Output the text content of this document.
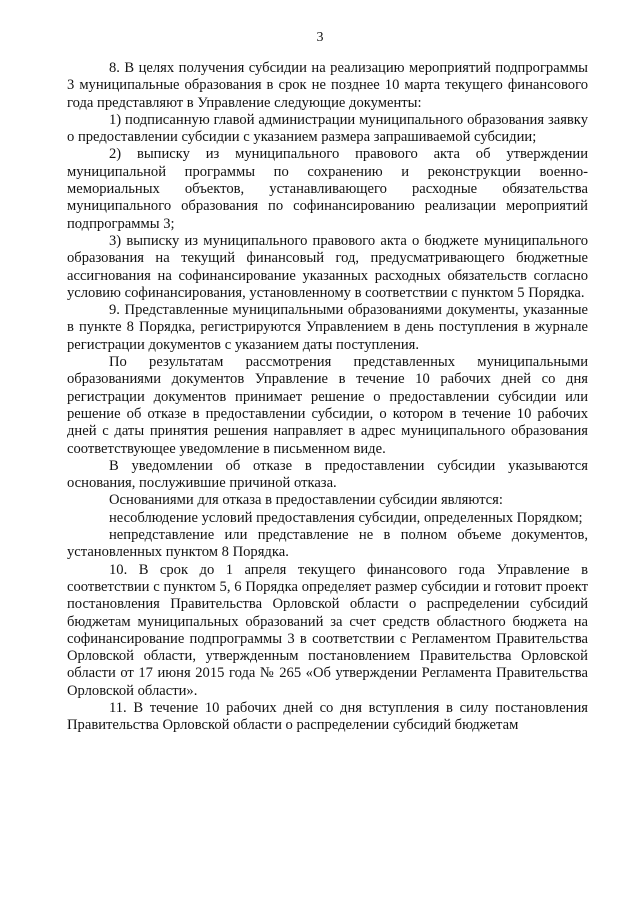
3

8. В целях получения субсидии на реализацию мероприятий подпрограммы 3 муниципальные образования в срок не позднее 10 марта текущего финансового года представляют в Управление следующие документы:

1) подписанную главой администрации муниципального образования заявку о предоставлении субсидии с указанием размера запрашиваемой субсидии;

2) выписку из муниципального правового акта об утверждении муниципальной программы по сохранению и реконструкции военно-мемориальных объектов, устанавливающего расходные обязательства муниципального образования по софинансированию реализации мероприятий подпрограммы 3;

3) выписку из муниципального правового акта о бюджете муниципального образования на текущий финансовый год, предусматривающего бюджетные ассигнования на софинансирование указанных расходных обязательств согласно условию софинансирования, установленному в соответствии с пунктом 5 Порядка.

9. Представленные муниципальными образованиями документы, указанные в пункте 8 Порядка, регистрируются Управлением в день поступления в журнале регистрации документов с указанием даты поступления.

По результатам рассмотрения представленных муниципальными образованиями документов Управление в течение 10 рабочих дней со дня регистрации документов принимает решение о предоставлении субсидии или решение об отказе в предоставлении субсидии, о котором в течение 10 рабочих дней с даты принятия решения направляет в адрес муниципального образования соответствующее уведомление в письменном виде.

В уведомлении об отказе в предоставлении субсидии указываются основания, послужившие причиной отказа.

Основаниями для отказа в предоставлении субсидии являются:

несоблюдение условий предоставления субсидии, определенных Порядком;

непредставление или представление не в полном объеме документов, установленных пунктом 8 Порядка.

10. В срок до 1 апреля текущего финансового года Управление в соответствии с пунктом 5, 6 Порядка определяет размер субсидии и готовит проект постановления Правительства Орловской области о распределении субсидий бюджетам муниципальных образований за счет средств областного бюджета на софинансирование подпрограммы 3 в соответствии с Регламентом Правительства Орловской области, утвержденным постановлением Правительства Орловской области от 17 июня 2015 года № 265 «Об утверждении Регламента Правительства Орловской области».

11. В течение 10 рабочих дней со дня вступления в силу постановления Правительства Орловской области о распределении субсидий бюджетам
